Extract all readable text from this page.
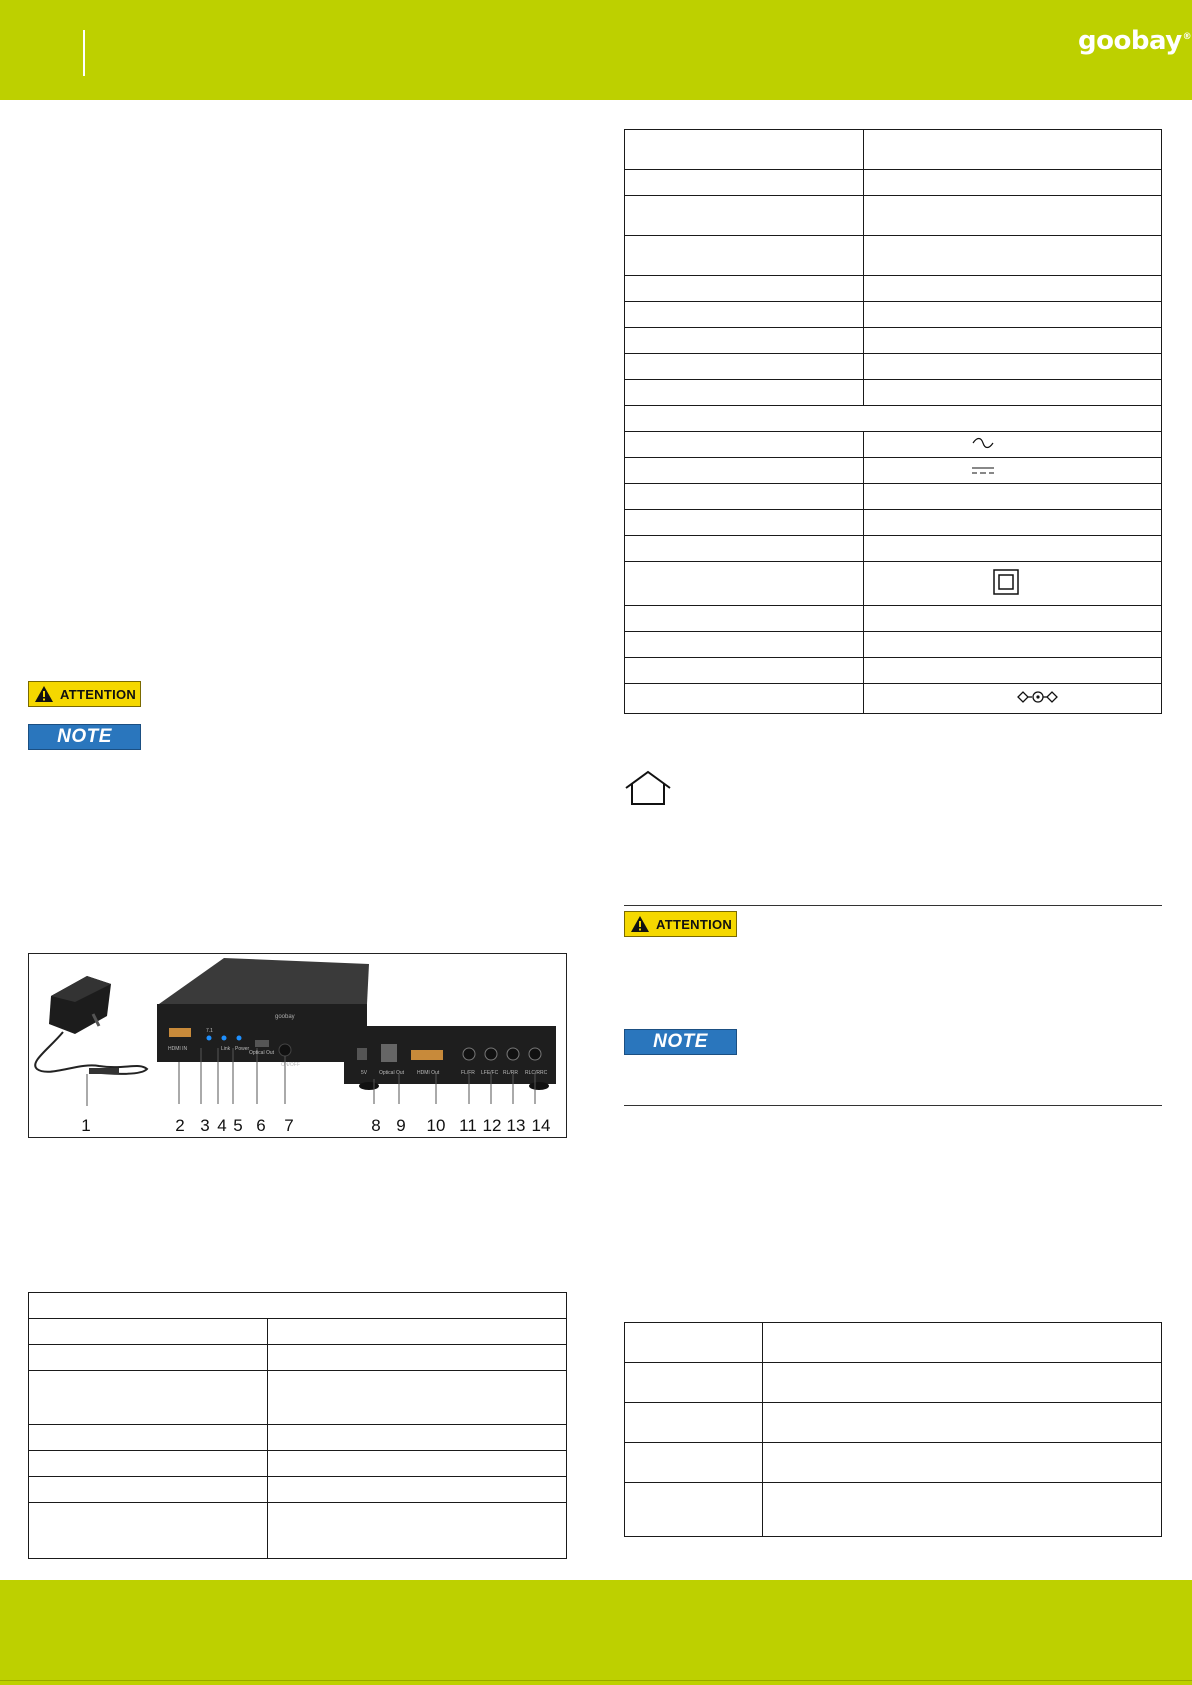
goobay®
ATTENTION
NOTE
goobay
HDMI IN
7.1
Link Power
Optical Out
ON/OFF
5V Optical Out	HDMI Out	FL/FR LFE/FC RL/RR RLC/RRC
1	2 3 4 5 6 7	8 9 10 11 12 13 14

ATTENTION
NOTE
